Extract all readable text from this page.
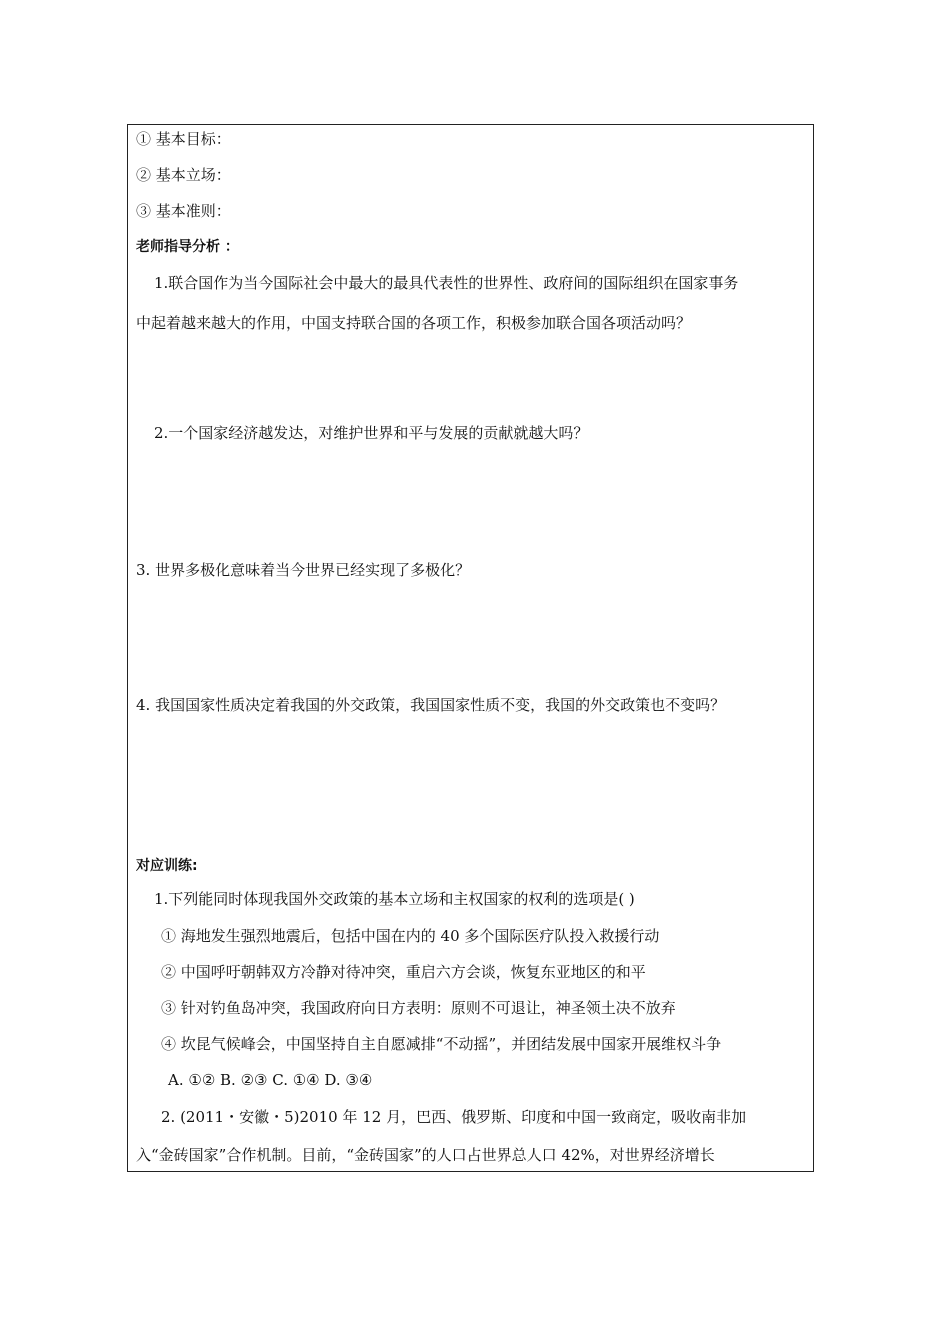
① 基本目标：
② 基本立场：
③ 基本准则：
老师指导分析 ：
1.联合国作为当今国际社会中最大的最具代表性的世界性、政府间的国际组织在国家事务
中起着越来越大的作用，中国支持联合国的各项工作，积极参加联合国各项活动吗？
2.一个国家经济越发达，对维护世界和平与发展的贡献就越大吗？
3. 世界多极化意味着当今世界已经实现了多极化？
4. 我国国家性质决定着我国的外交政策，我国国家性质不变，我国的外交政策也不变吗？
对应训练:
1.下列能同时体现我国外交政策的基本立场和主权国家的权利的选项是( )
① 海地发生强烈地震后，包括中国在内的 40 多个国际医疗队投入救援行动
② 中国呼吁朝韩双方冷静对待冲突，重启六方会谈，恢复东亚地区的和平
③ 针对钓鱼岛冲突，我国政府向日方表明：原则不可退让，神圣领土决不放弃
④ 坎昆气候峰会，中国坚持自主自愿减排“不动摇”，并团结发展中国家开展维权斗争
A. ①② B. ②③ C. ①④ D. ③④
2. (2011・安徽・5)2010 年 12 月，巴西、俄罗斯、印度和中国一致商定，吸收南非加
入“金砖国家”合作机制。目前，“金砖国家”的人口占世界总人口 42%，对世界经济增长
